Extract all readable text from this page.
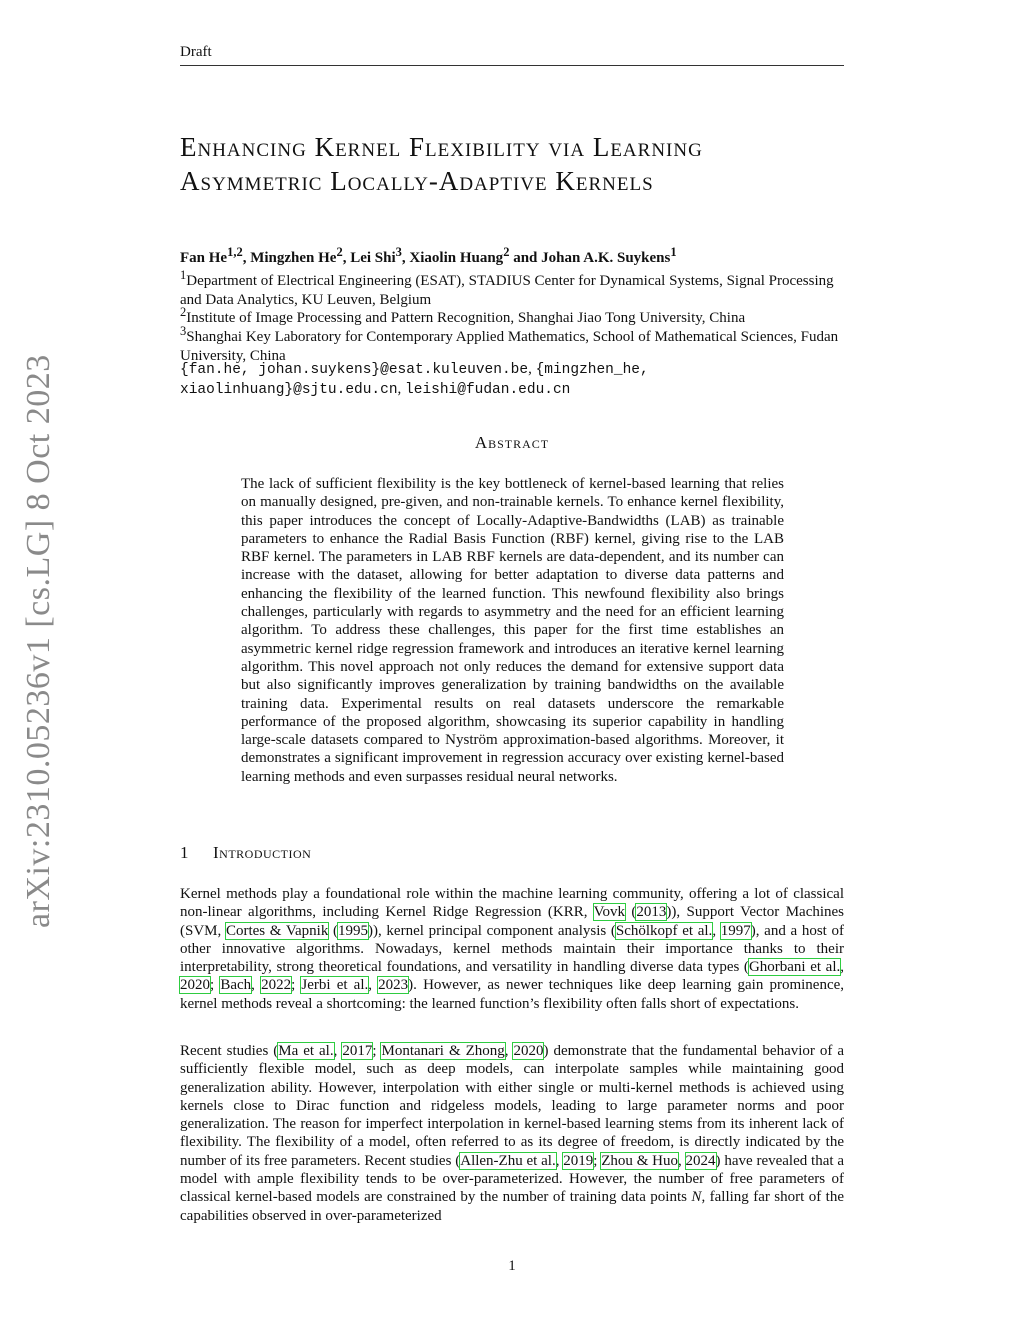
Draft
Enhancing Kernel Flexibility via Learning
Asymmetric Locally-Adaptive Kernels
arXiv:2310.05236v1 [cs.LG] 8 Oct 2023
Fan He$^{1,2}$, Mingzhen He$^2$, Lei Shi$^3$, Xiaolin Huang$^2$ and Johan A.K. Suykens$^1$
$^1$Department of Electrical Engineering (ESAT), STADIUS Center for Dynamical Systems, Signal Processing and Data Analytics, KU Leuven, Belgium
$^2$Institute of Image Processing and Pattern Recognition, Shanghai Jiao Tong University, China
$^3$Shanghai Key Laboratory for Contemporary Applied Mathematics, School of Mathematical Sciences, Fudan University, China
{fan.he, johan.suykens}@esat.kuleuven.be, {mingzhen_he,
xiaolinhuang}@sjtu.edu.cn, leishi@fudan.edu.cn
Abstract
The lack of sufficient flexibility is the key bottleneck of kernel-based learning that relies on manually designed, pre-given, and non-trainable kernels. To enhance kernel flexibility, this paper introduces the concept of Locally-Adaptive-Bandwidths (LAB) as trainable parameters to enhance the Radial Basis Function (RBF) kernel, giving rise to the LAB RBF kernel. The parameters in LAB RBF kernels are data-dependent, and its number can increase with the dataset, allowing for better adaptation to diverse data patterns and enhancing the flexibility of the learned function. This newfound flexibility also brings challenges, particularly with regards to asymmetry and the need for an efficient learning algorithm. To address these challenges, this paper for the first time establishes an asymmetric kernel ridge regression framework and introduces an iterative kernel learning algorithm. This novel approach not only reduces the demand for extensive support data but also significantly improves generalization by training bandwidths on the available training data. Experimental results on real datasets underscore the remarkable performance of the proposed algorithm, showcasing its superior capability in handling large-scale datasets compared to Nyström approximation-based algorithms. Moreover, it demonstrates a significant improvement in regression accuracy over existing kernel-based learning methods and even surpasses residual neural networks.
1 Introduction
Kernel methods play a foundational role within the machine learning community, offering a lot of classical non-linear algorithms, including Kernel Ridge Regression (KRR, Vovk (2013)), Support Vector Machines (SVM, Cortes & Vapnik (1995)), kernel principal component analysis (Schölkopf et al., 1997), and a host of other innovative algorithms. Nowadays, kernel methods maintain their importance thanks to their interpretability, strong theoretical foundations, and versatility in handling diverse data types (Ghorbani et al., 2020; Bach, 2022; Jerbi et al., 2023). However, as newer techniques like deep learning gain prominence, kernel methods reveal a shortcoming: the learned function’s flexibility often falls short of expectations.
Recent studies (Ma et al., 2017; Montanari & Zhong, 2020) demonstrate that the fundamental behavior of a sufficiently flexible model, such as deep models, can interpolate samples while maintaining good generalization ability. However, interpolation with either single or multi-kernel methods is achieved using kernels close to Dirac function and ridgeless models, leading to large parameter norms and poor generalization. The reason for imperfect interpolation in kernel-based learning stems from its inherent lack of flexibility. The flexibility of a model, often referred to as its degree of freedom, is directly indicated by the number of its free parameters. Recent studies (Allen-Zhu et al., 2019; Zhou & Huo, 2024) have revealed that a model with ample flexibility tends to be over-parameterized. However, the number of free parameters of classical kernel-based models are constrained by the number of training data points N, falling far short of the capabilities observed in over-parameterized
1
